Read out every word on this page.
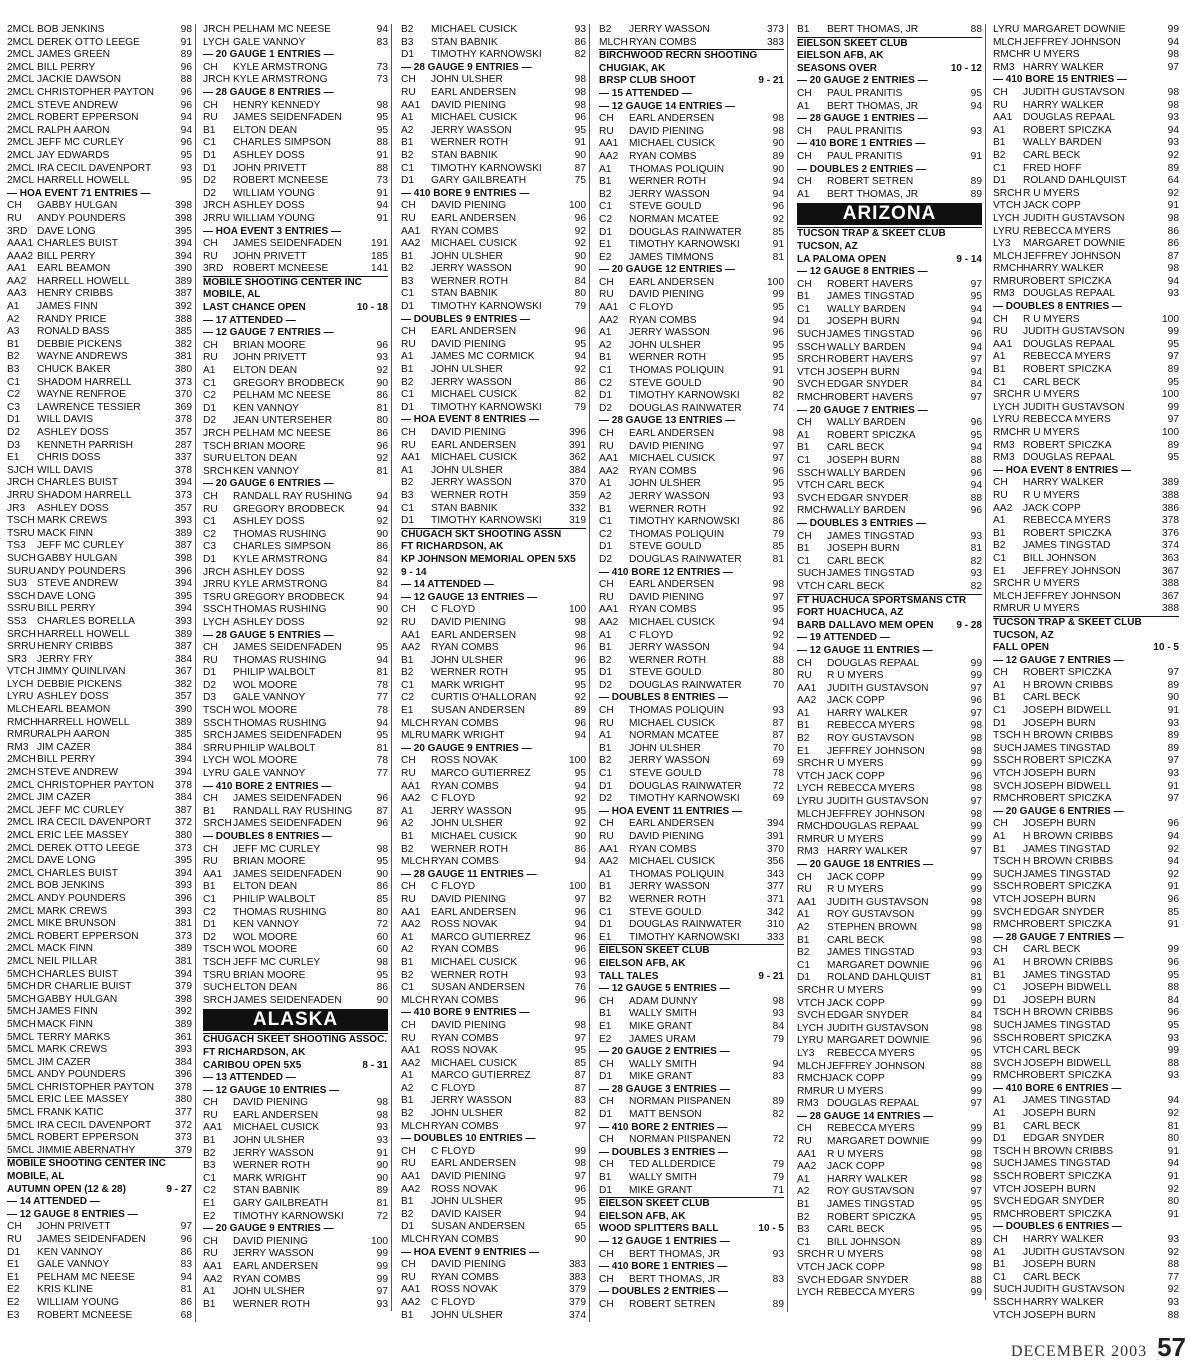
2MCL BOB JENKINS	98
2MCL DEREK OTTO LEEGE	91
2MCL JAMES GREEN	89
2MCL BILL PERRY	96
2MCL JACKIE DAWSON	88
2MCL CHRISTOPHER PAYTON	96
2MCL STEVE ANDREW	96
2MCL ROBERT EPPERSON	94
2MCL RALPH AARON	94
2MCL JEFF MC CURLEY	96
2MCL JAY EDWARDS	95
2MCL IRA CECIL DAVENPORT	93
2MCL HARRELL HOWELL	95
— HOA EVENT 71 ENTRIES —
CH	GABBY HULGAN	398
RU	ANDY POUNDERS	398
3RD DAVE LONG	395
AAA1 CHARLES BUIST	394
AAA2 BILL PERRY	394
AA1	EARL BEAMON	390
AA2	HARRELL HOWELL	389
AA3	HENRY CRIBBS	387
A1	JAMES FINN	392
A2	RANDY PRICE	388
A3	RONALD BASS	385
B1	DEBBIE PICKENS	382
B2	WAYNE ANDREWS	381
B3	CHUCK BAKER	380
C1	SHADOM HARRELL	373
C2	WAYNE RENFROE	370
C3	LAWRENCE TESSIER	369
D1	WILL DAVIS	378
D2	ASHLEY DOSS	357
D3	KENNETH PARRISH	287
E1	CHRIS DOSS	337
SJCH WILL DAVIS	378
JRCH CHARLES BUIST	394
JRRU SHADOM HARRELL	373
JR3	ASHLEY DOSS	357
TSCH MARK CREWS	393
TSRU MACK FINN	389
TS3	JEFF MC CURLEY	387
SUCH GABBY HULGAN	398
SURU ANDY POUNDERS	396
SU3 STEVE ANDREW	394
SSCH DAVE LONG	395
SSRU BILL PERRY	394
SS3	CHARLES BORELLA	393
SRCH HARRELL HOWELL	389
SRRU HENRY CRIBBS	387
SR3 JERRY FRY	384
VTCH JIMMY QUINLIVAN	367
LYCH DEBBIE PICKENS	382
LYRU ASHLEY DOSS	357
MLCH EARL BEAMON	390
RMCH HARRELL HOWELL	389
RMRU RALPH AARON	385
RM3 JIM CAZER	384
2MCH BILL PERRY	394
2MCH STEVE ANDREW	394
2MCL CHRISTOPHER PAYTON	378
2MCL JIM CAZER	384
2MCL JEFF MC CURLEY	387
2MCL IRA CECIL DAVENPORT	372
2MCL ERIC LEE MASSEY	380
2MCL DEREK OTTO LEEGE	373
2MCL DAVE LONG	395
2MCL CHARLES BUIST	394
2MCL BOB JENKINS	393
2MCL ANDY POUNDERS	396
2MCL MARK CREWS	393
2MCL MIKE BRUNSON	381
2MCL ROBERT EPPERSON	373
2MCL MACK FINN	389
2MCL NEIL PILLAR	381
5MCH CHARLES BUIST	394
5MCH DR CHARLIE BUIST	379
5MCH GABBY HULGAN	398
5MCH JAMES FINN	392
5MCH MACK FINN	389
5MCL TERRY MARKS	361
5MCL MARK CREWS	393
5MCL JIM CAZER	384
5MCL ANDY POUNDERS	396
5MCL CHRISTOPHER PAYTON	378
5MCL ERIC LEE MASSEY	380
5MCL FRANK KATIC	377
5MCL IRA CECIL DAVENPORT	372
5MCL ROBERT EPPERSON	373
5MCL JIMMIE ABERNATHY	379
MOBILE SHOOTING CENTER INC
MOBILE, AL
AUTUMN OPEN (12 & 28)	9 - 27
— 14 ATTENDED —
— 12 GAUGE 8 ENTRIES —
CH	JOHN PRIVETT	97
RU	JAMES SEIDENFADEN	96
D1	KEN VANNOY	86
E1	GALE VANNOY	83
E1	PELHAM MC NEESE	94
E2	KRIS KLINE	81
E2	WILLIAM YOUNG	86
E3	ROBERT MCNEESE	68
JRCH PELHAM MC NEESE	94
LYCH GALE VANNOY	83
— 20 GAUGE 1 ENTRIES —
CH	KYLE ARMSTRONG	73
JRCH KYLE ARMSTRONG	73
— 28 GAUGE 8 ENTRIES —
CH	HENRY KENNEDY	98
RU	JAMES SEIDENFADEN	95
B1	ELTON DEAN	95
C1	CHARLES SIMPSON	88
D1	ASHLEY DOSS	91
D1	JOHN PRIVETT	88
D2	ROBERT MCNEESE	73
D2	WILLIAM YOUNG	91
JRCH ASHLEY DOSS	94
JRRU WILLIAM YOUNG	91
— HOA EVENT 3 ENTRIES —
CH	JAMES SEIDENFADEN	191
RU	JOHN PRIVETT	185
3RD ROBERT MCNEESE	141
MOBILE SHOOTING CENTER INC
MOBILE, AL
LAST CHANCE OPEN	10 - 18
— 17 ATTENDED —
— 12 GAUGE 7 ENTRIES —
CH	BRIAN MOORE	96
RU	JOHN PRIVETT	93
A1	ELTON DEAN	92
C1	GREGORY BRODBECK	90
C2	PELHAM MC NEESE	86
D1	KEN VANNOY	81
D2	JEAN UNTERSEHER	80
JRCH PELHAM MC NEESE	86
TSCH BRIAN MOORE	96
SURU ELTON DEAN	92
SRCH KEN VANNOY	81
— 20 GAUGE 6 ENTRIES —
CH	RANDALL RAY RUSHING	94
RU	GREGORY BRODBECK	94
C1	ASHLEY DOSS	92
C2	THOMAS RUSHING	90
C3	CHARLES SIMPSON	86
D1	KYLE ARMSTRONG	84
JRCH ASHLEY DOSS	92
JRRU KYLE ARMSTRONG	84
TSRU GREGORY BRODBECK	94
SSCH THOMAS RUSHING	90
LYCH ASHLEY DOSS	92
— 28 GAUGE 5 ENTRIES —
CH	JAMES SEIDENFADEN	95
RU	THOMAS RUSHING	94
D1	PHILIP WALBOLT	81
D2	WOL MOORE	78
D3	GALE VANNOY	77
TSCH WOL MOORE	78
SSCH THOMAS RUSHING	94
SRCH JAMES SEIDENFADEN	95
SRRU PHILIP WALBOLT	81
LYCH WOL MOORE	78
LYRU GALE VANNOY	77
— 410 BORE 2 ENTRIES —
CH	JAMES SEIDENFADEN	96
B1	RANDALL RAY RUSHING	87
SRCH JAMES SEIDENFADEN	96
— DOUBLES 8 ENTRIES —
CH	JEFF MC CURLEY	98
RU	BRIAN MOORE	95
AA1	JAMES SEIDENFADEN	90
B1	ELTON DEAN	86
C1	PHILIP WALBOLT	85
C2	THOMAS RUSHING	80
D1	KEN VANNOY	72
D2	WOL MOORE	60
TSCH WOL MOORE	60
TSCH JEFF MC CURLEY	98
TSRU BRIAN MOORE	95
SUCH ELTON DEAN	86
SRCH JAMES SEIDENFADEN	90
ALASKA
CHUGACH SKEET SHOOTING ASSOC.
FT RICHARDSON, AK
CARIBOU OPEN 5X5	8 - 31
— 13 ATTENDED —
— 12 GAUGE 10 ENTRIES —
CH	DAVID PIENING	98
RU	EARL ANDERSEN	98
AA1	MICHAEL CUSICK	93
B1	JOHN ULSHER	93
B2	JERRY WASSON	91
B3	WERNER ROTH	90
C1	MARK WRIGHT	90
C2	STAN BABNIK	89
E1	GARY GAILBREATH	81
E2	TIMOTHY KARNOWSKI	72
— 20 GAUGE 9 ENTRIES —
CH	DAVID PIENING	100
RU	JERRY WASSON	99
AA1	EARL ANDERSEN	99
AA2	RYAN COMBS	99
A1	JOHN ULSHER	97
B1	WERNER ROTH	93
B2	MICHAEL CUSICK	93
B3	STAN BABNIK	86
D1	TIMOTHY KARNOWSKI	82
— 28 GAUGE 9 ENTRIES —
CH	JOHN ULSHER	98
RU	EARL ANDERSEN	98
AA1	DAVID PIENING	98
A1	MICHAEL CUSICK	96
A2	JERRY WASSON	95
B1	WERNER ROTH	91
B2	STAN BABNIK	90
C1	TIMOTHY KARNOWSKI	87
D1	GARY GAILBREATH	75
— 410 BORE 9 ENTRIES —
CH	DAVID PIENING	100
RU	EARL ANDERSEN	96
AA1	RYAN COMBS	92
AA2	MICHAEL CUSICK	92
B1	JOHN ULSHER	90
B2	JERRY WASSON	90
B3	WERNER ROTH	84
C1	STAN BABNIK	80
D1	TIMOTHY KARNOWSKI	79
— DOUBLES 9 ENTRIES —
CH	EARL ANDERSEN	96
RU	DAVID PIENING	95
A1	JAMES MC CORMICK	94
B1	JOHN ULSHER	92
B2	JERRY WASSON	86
C1	MICHAEL CUSICK	82
D1	TIMOTHY KARNOWSKI	79
— HOA EVENT 8 ENTRIES —
CH	DAVID PIENING	396
RU	EARL ANDERSEN	391
AA1	MICHAEL CUSICK	362
A1	JOHN ULSHER	384
B2	JERRY WASSON	370
B3	WERNER ROTH	359
C1	STAN BABNIK	332
D1	TIMOTHY KARNOWSKI	319
CHUGACH SKT SHOOTING ASSN
FT RICHARDSON, AK
KP JOHNSON MEMORIAL OPEN 5X5
9 - 14
— 14 ATTENDED —
— 12 GAUGE 13 ENTRIES —
CH	C FLOYD	100
RU	DAVID PIENING	98
AA1	EARL ANDERSEN	98
AA2	RYAN COMBS	96
B1	JOHN ULSHER	96
B2	WERNER ROTH	95
C1	MARK WRIGHT	95
C2	CURTIS O'HALLORAN	92
E1	SUSAN ANDERSEN	89
MLCH RYAN COMBS	96
MLRU MARK WRIGHT	94
— 20 GAUGE 9 ENTRIES —
CH	ROSS NOVAK	100
RU	MARCO GUTIERREZ	95
AA1	RYAN COMBS	94
AA2	C FLOYD	92
A1	JERRY WASSON	95
A2	JOHN ULSHER	92
B1	MICHAEL CUSICK	90
B2	WERNER ROTH	86
MLCH RYAN COMBS	94
— 28 GAUGE 11 ENTRIES —
CH	C FLOYD	100
RU	DAVID PIENING	97
AA1	EARL ANDERSEN	96
AA2	ROSS NOVAK	94
A1	MARCO GUTIERREZ	96
A2	RYAN COMBS	96
B1	MICHAEL CUSICK	96
B2	WERNER ROTH	93
C1	SUSAN ANDERSEN	76
MLCH RYAN COMBS	96
— 410 BORE 9 ENTRIES —
CH	DAVID PIENING	98
RU	RYAN COMBS	97
AA1	ROSS NOVAK	95
AA2	MICHAEL CUSICK	85
A1	MARCO GUTIERREZ	87
A2	C FLOYD	87
B1	JERRY WASSON	83
B2	JOHN ULSHER	82
MLCH RYAN COMBS	97
— DOUBLES 10 ENTRIES —
CH	C FLOYD	99
RU	EARL ANDERSEN	98
AA1	DAVID PIENING	97
AA2	ROSS NOVAK	96
B1	JOHN ULSHER	95
B2	DAVID KAISER	94
D1	SUSAN ANDERSEN	65
MLCH RYAN COMBS	90
— HOA EVENT 9 ENTRIES —
CH	DAVID PIENING	383
RU	RYAN COMBS	383
AA1	ROSS NOVAK	379
AA2	C FLOYD	379
B1	JOHN ULSHER	374
B2	JERRY WASSON	373
MLCH RYAN COMBS	383
BIRCHWOOD RECRN SHOOTING
CHUGIAK, AK
BRSP CLUB SHOOT	9 - 21
— 15 ATTENDED —
— 12 GAUGE 14 ENTRIES —
CH	EARL ANDERSEN	98
RU	DAVID PIENING	98
AA1	MICHAEL CUSICK	90
AA2	RYAN COMBS	89
A1	THOMAS POLIQUIN	90
B1	WERNER ROTH	94
B2	JERRY WASSON	94
C1	STEVE GOULD	96
C2	NORMAN MCATEE	92
D1	DOUGLAS RAINWATER	85
E1	TIMOTHY KARNOWSKI	91
E2	JAMES TIMMONS	81
— 20 GAUGE 12 ENTRIES —
CH	EARL ANDERSEN	100
RU	DAVID PIENING	99
AA1	C FLOYD	95
AA2	RYAN COMBS	94
A1	JERRY WASSON	96
A2	JOHN ULSHER	95
B1	WERNER ROTH	95
C1	THOMAS POLIQUIN	91
C2	STEVE GOULD	90
D1	TIMOTHY KARNOWSKI	82
D2	DOUGLAS RAINWATER	74
— 28 GAUGE 13 ENTRIES —
CH	EARL ANDERSEN	98
RU	DAVID PIENING	97
AA1	MICHAEL CUSICK	97
AA2	RYAN COMBS	96
A1	JOHN ULSHER	95
A2	JERRY WASSON	93
B1	WERNER ROTH	92
C1	TIMOTHY KARNOWSKI	86
C2	THOMAS POLIQUIN	79
D1	STEVE GOULD	85
D2	DOUGLAS RAINWATER	81
— 410 BORE 12 ENTRIES —
CH	EARL ANDERSEN	98
RU	DAVID PIENING	97
AA1	RYAN COMBS	95
AA2	MICHAEL CUSICK	94
A1	C FLOYD	92
B1	JERRY WASSON	94
B2	WERNER ROTH	88
D1	STEVE GOULD	80
D2	DOUGLAS RAINWATER	70
— DOUBLES 8 ENTRIES —
CH	THOMAS POLIQUIN	93
RU	MICHAEL CUSICK	87
A1	NORMAN MCATEE	87
B1	JOHN ULSHER	70
B2	JERRY WASSON	69
C1	STEVE GOULD	78
D1	DOUGLAS RAINWATER	72
D2	TIMOTHY KARNOWSKI	69
— HOA EVENT 11 ENTRIES —
CH	EARL ANDERSEN	394
RU	DAVID PIENING	391
AA1	RYAN COMBS	370
AA2	MICHAEL CUSICK	356
A1	THOMAS POLIQUIN	343
B1	JERRY WASSON	377
B2	WERNER ROTH	371
C1	STEVE GOULD	342
D1	DOUGLAS RAINWATER	310
E1	TIMOTHY KARNOWSKI	333
EIELSON SKEET CLUB
EIELSON AFB, AK
TALL TALES	9 - 21
— 12 GAUGE 5 ENTRIES —
CH	ADAM DUNNY	98
B1	WALLY SMITH	93
E1	MIKE GRANT	84
E2	JAMES URAM	79
— 20 GAUGE 2 ENTRIES —
CH	WALLY SMITH	94
D1	MIKE GRANT	83
— 28 GAUGE 3 ENTRIES —
CH	NORMAN PIISPANEN	89
D1	MATT BENSON	82
— 410 BORE 2 ENTRIES —
CH	NORMAN PIISPANEN	72
— DOUBLES 3 ENTRIES —
CH	TED ALLDERDICE	79
B1	WALLY SMITH	79
D1	MIKE GRANT	71
EIELSON SKEET CLUB
EIELSON AFB, AK
WOOD SPLITTERS BALL	10 - 5
— 12 GAUGE 1 ENTRIES —
CH	BERT THOMAS, JR	93
— 410 BORE 1 ENTRIES —
CH	BERT THOMAS, JR	83
— DOUBLES 2 ENTRIES —
CH	ROBERT SETREN	89
B1	BERT THOMAS, JR	88
EIELSON SKEET CLUB
EIELSON AFB, AK
SEASONS OVER	10 - 12
— 20 GAUGE 2 ENTRIES —
CH	PAUL PRANITIS	95
A1	BERT THOMAS, JR	94
— 28 GAUGE 1 ENTRIES —
CH	PAUL PRANITIS	93
— 410 BORE 1 ENTRIES —
CH	PAUL PRANITIS	91
— DOUBLES 2 ENTRIES —
CH	ROBERT SETREN	89
A1	BERT THOMAS, JR	89
ARIZONA
TUCSON TRAP & SKEET CLUB
TUCSON, AZ
LA PALOMA OPEN	9 - 14
— 12 GAUGE 8 ENTRIES —
CH	ROBERT HAVERS	97
B1	JAMES TINGSTAD	95
C1	WALLY BARDEN	94
D1	JOSEPH BURN	94
SUCH JAMES TINGSTAD	96
SSCH WALLY BARDEN	94
SRCH ROBERT HAVERS	97
VTCH JOSEPH BURN	94
SVCH EDGAR SNYDER	84
RMCH ROBERT HAVERS	97
— 20 GAUGE 7 ENTRIES —
CH	WALLY BARDEN	96
A1	ROBERT SPICZKA	95
B1	CARL BECK	94
C1	JOSEPH BURN	88
SSCH WALLY BARDEN	96
VTCH CARL BECK	94
SVCH EDGAR SNYDER	88
RMCH WALLY BARDEN	96
— DOUBLES 3 ENTRIES —
CH	JAMES TINGSTAD	93
B1	JOSEPH BURN	81
C1	CARL BECK	82
SUCH JAMES TINGSTAD	93
VTCH CARL BECK	82
FT HUACHUCA SPORTSMANS CTR
FORT HUACHUCA, AZ
BARB DALLAVO MEM OPEN 9 - 28
— 19 ATTENDED —
— 12 GAUGE 11 ENTRIES —
CH	DOUGLAS REPAAL	99
RU	R U MYERS	99
AA1	JUDITH GUSTAVSON	97
AA2	JACK COPP	96
A1	HARRY WALKER	97
B1	REBECCA MYERS	98
B2	ROY GUSTAVSON	98
E1	JEFFREY JOHNSON	98
SRCH R U MYERS	99
VTCH JACK COPP	96
LYCH REBECCA MYERS	98
LYRU JUDITH GUSTAVSON	97
MLCH JEFFREY JOHNSON	98
RMCH DOUGLAS REPAAL	99
RMRU R U MYERS	99
RM3 HARRY WALKER	97
— 20 GAUGE 18 ENTRIES —
CH	JACK COPP	99
RU	R U MYERS	99
AA1	JUDITH GUSTAVSON	98
A1	ROY GUSTAVSON	99
A2	STEPHEN BROWN	98
B1	CARL BECK	98
B2	JAMES TINGSTAD	93
C1	MARGARET DOWNIE	96
D1	ROLAND DAHLQUIST	81
SRCH R U MYERS	99
VTCH JACK COPP	99
SVCH EDGAR SNYDER	84
LYCH JUDITH GUSTAVSON	98
LYRU MARGARET DOWNIE	96
LY3	REBECCA MYERS	95
MLCH JEFFREY JOHNSON	88
RMCH JACK COPP	99
RMRU R U MYERS	99
RM3 DOUGLAS REPAAL	97
— 28 GAUGE 14 ENTRIES —
CH	REBECCA MYERS	99
RU	MARGARET DOWNIE	99
AA1	R U MYERS	98
AA2	JACK COPP	98
A1	HARRY WALKER	98
A2	ROY GUSTAVSON	97
B1	JAMES TINGSTAD	95
B2	ROBERT SPICZKA	95
B3	CARL BECK	95
C1	BILL JOHNSON	89
SRCH R U MYERS	98
VTCH JACK COPP	98
SVCH EDGAR SNYDER	88
LYCH REBECCA MYERS	99
LYRU MARGARET DOWNIE	99
MLCH JEFFREY JOHNSON	94
RMCH R U MYERS	98
RM3 HARRY WALKER	97
— 410 BORE 15 ENTRIES —
CH	JUDITH GUSTAVSON	98
RU	HARRY WALKER	98
AA1	DOUGLAS REPAAL	93
A1	ROBERT SPICZKA	94
B1	WALLY BARDEN	93
B2	CARL BECK	92
C1	FRED HOFF	89
D1	ROLAND DAHLQUIST	64
SRCH R U MYERS	92
VTCH JACK COPP	91
LYCH JUDITH GUSTAVSON	98
LYRU REBECCA MYERS	86
LY3	MARGARET DOWNIE	86
MLCH JEFFREY JOHNSON	87
RMCH HARRY WALKER	98
RMRU ROBERT SPICZKA	94
RM3 DOUGLAS REPAAL	93
— DOUBLES 8 ENTRIES —
CH	R U MYERS	100
RU	JUDITH GUSTAVSON	99
AA1	DOUGLAS REPAAL	95
A1	REBECCA MYERS	97
B1	ROBERT SPICZKA	89
C1	CARL BECK	95
SRCH R U MYERS	100
LYCH JUDITH GUSTAVSON	99
LYRU REBECCA MYERS	97
RMCH R U MYERS	100
RM3 ROBERT SPICZKA	89
RM3 DOUGLAS REPAAL	95
— HOA EVENT 8 ENTRIES —
CH	HARRY WALKER	389
RU	R U MYERS	388
AA2	JACK COPP	386
A1	REBECCA MYERS	378
B1	ROBERT SPICZKA	376
B2	JAMES TINGSTAD	374
C1	BILL JOHNSON	363
E1	JEFFREY JOHNSON	367
SRCH R U MYERS	388
MLCH JEFFREY JOHNSON	367
RMRU R U MYERS	388
TUCSON TRAP & SKEET CLUB
TUCSON, AZ
FALL OPEN	10 - 5
— 12 GAUGE 7 ENTRIES —
CH	ROBERT SPICZKA	97
A1	H BROWN CRIBBS	89
B1	CARL BECK	90
C1	JOSEPH BIDWELL	91
D1	JOSEPH BURN	93
TSCH H BROWN CRIBBS	89
SUCH JAMES TINGSTAD	89
SSCH ROBERT SPICZKA	97
VTCH JOSEPH BURN	93
SVCH JOSEPH BIDWELL	91
RMCH ROBERT SPICZKA	97
— 20 GAUGE 6 ENTRIES —
CH	JOSEPH BURN	96
A1	H BROWN CRIBBS	94
B1	JAMES TINGSTAD	92
TSCH H BROWN CRIBBS	94
SUCH JAMES TINGSTAD	92
SSCH ROBERT SPICZKA	91
VTCH JOSEPH BURN	96
SVCH EDGAR SNYDER	85
RMCH ROBERT SPICZKA	91
— 28 GAUGE 7 ENTRIES —
CH	CARL BECK	99
A1	H BROWN CRIBBS	96
B1	JAMES TINGSTAD	95
C1	JOSEPH BIDWELL	88
D1	JOSEPH BURN	84
TSCH H BROWN CRIBBS	96
SUCH JAMES TINGSTAD	95
SSCH ROBERT SPICZKA	93
VTCH CARL BECK	99
SVCH JOSEPH BIDWELL	88
RMCH ROBERT SPICZKA	93
— 410 BORE 6 ENTRIES —
A1	JAMES TINGSTAD	94
A1	JOSEPH BURN	92
B1	CARL BECK	81
D1	EDGAR SNYDER	80
TSCH H BROWN CRIBBS	91
SUCH JAMES TINGSTAD	94
SSCH ROBERT SPICZKA	91
VTCH JOSEPH BURN	92
SVCH EDGAR SNYDER	80
RMCH ROBERT SPICZKA	91
— DOUBLES 6 ENTRIES —
CH	HARRY WALKER	93
A1	JUDITH GUSTAVSON	92
B1	JOSEPH BURN	88
C1	CARL BECK	77
SUCH JUDITH GUSTAVSON	92
SSCH HARRY WALKER	93
VTCH JOSEPH BURN	88
DECEMBER 2003 57
